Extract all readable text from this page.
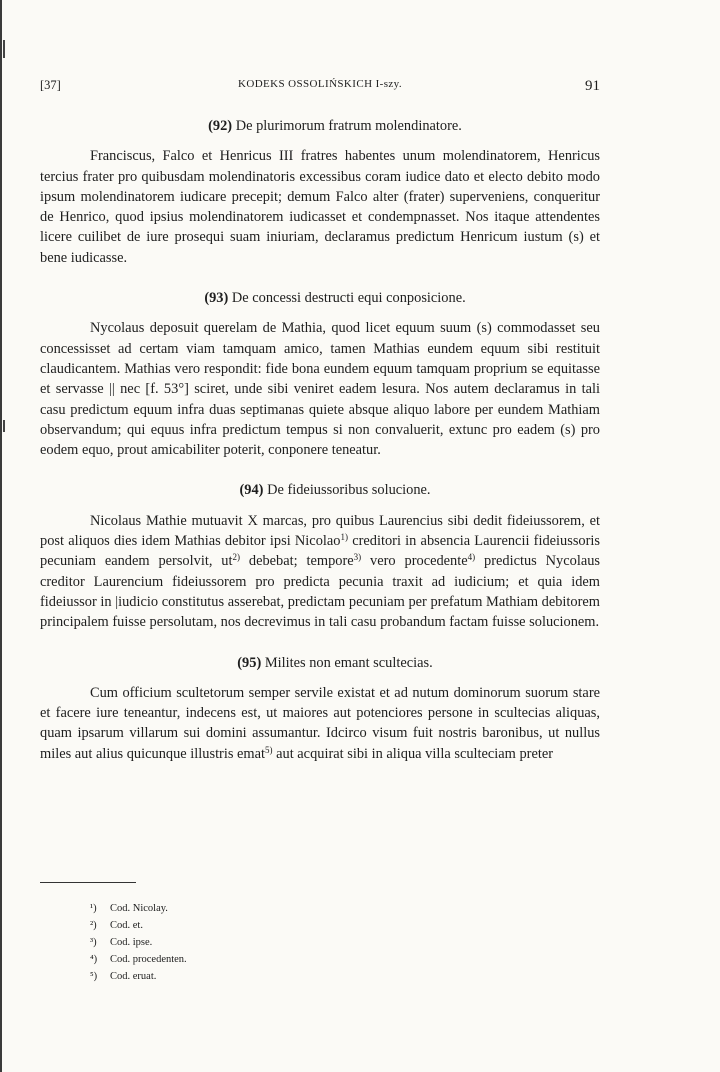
[37]	KODEKS OSSOLIŃSKICH I-szy.	91

(92) De plurimorum fratrum molendinatore.

Franciscus, Falco et Henricus III fratres habentes unum molendinatorem, Henricus tercius frater pro quibusdam molendinatoris excessibus coram iudice dato et electo debito modo ipsum molendinatorem iudicare precepit; demum Falco alter (frater) superveniens, conqueritur de Henrico, quod ipsius molendinatorem iudicasset et condempnasset. Nos itaque attendentes licere cuilibet de iure prosequi suam iniuriam, declaramus predictum Henricum iustum (s) et bene iudicasse.

(93) De concessi destructi equi conposicione.

Nycolaus deposuit querelam de Mathia, quod licet equum suum (s) commodasset seu concessisset ad certam viam tamquam amico, tamen Mathias eundem equum sibi restituit claudicantem. Mathias vero respondit: fide bona eundem equum tamquam proprium se equitasse et servasse || nec [f. 53°] sciret, unde sibi veniret eadem lesura. Nos autem declaramus in tali casu predictum equum infra duas septimanas quiete absque aliquo labore per eundem Mathiam observandum; qui equus infra predictum tempus si non convaluerit, extunc pro eadem (s) pro eodem equo, prout amicabiliter poterit, conponere teneatur.

(94) De fideiussoribus solucione.

Nicolaus Mathie mutuavit X marcas, pro quibus Laurencius sibi dedit fideiussorem, et post aliquos dies idem Mathias debitor ipsi Nicolao$^{1)}$ creditori in absencia Laurencii fideiussoris pecuniam eandem persolvit, ut$^{2)}$ debebat; tempore$^{3)}$ vero procedente$^{4)}$ predictus Nycolaus creditor Laurencium fideiussorem pro predicta pecunia traxit ad iudicium; et quia idem fideiussor in |iudicio constitutus asserebat, predictam pecuniam per prefatum Mathiam debitorem principalem fuisse persolutam, nos decrevimus in tali casu probandum factam fuisse solucionem.

(95) Milites non emant scultecias.

Cum officium scultetorum semper servile existat et ad nutum dominorum suorum stare et facere iure teneantur, indecens est, ut maiores aut potenciores persone in scultecias aliquas, quam ipsarum villarum sui domini assumantur. Idcirco visum fuit nostris baronibus, ut nullus miles aut alius quicunque illustris emat$^{5)}$ aut acquirat sibi in aliqua villa sculteciam preter

¹) Cod. Nicolay.
²) Cod. et.
³) Cod. ipse.
⁴) Cod. procedenten.
⁵) Cod. eruat.
